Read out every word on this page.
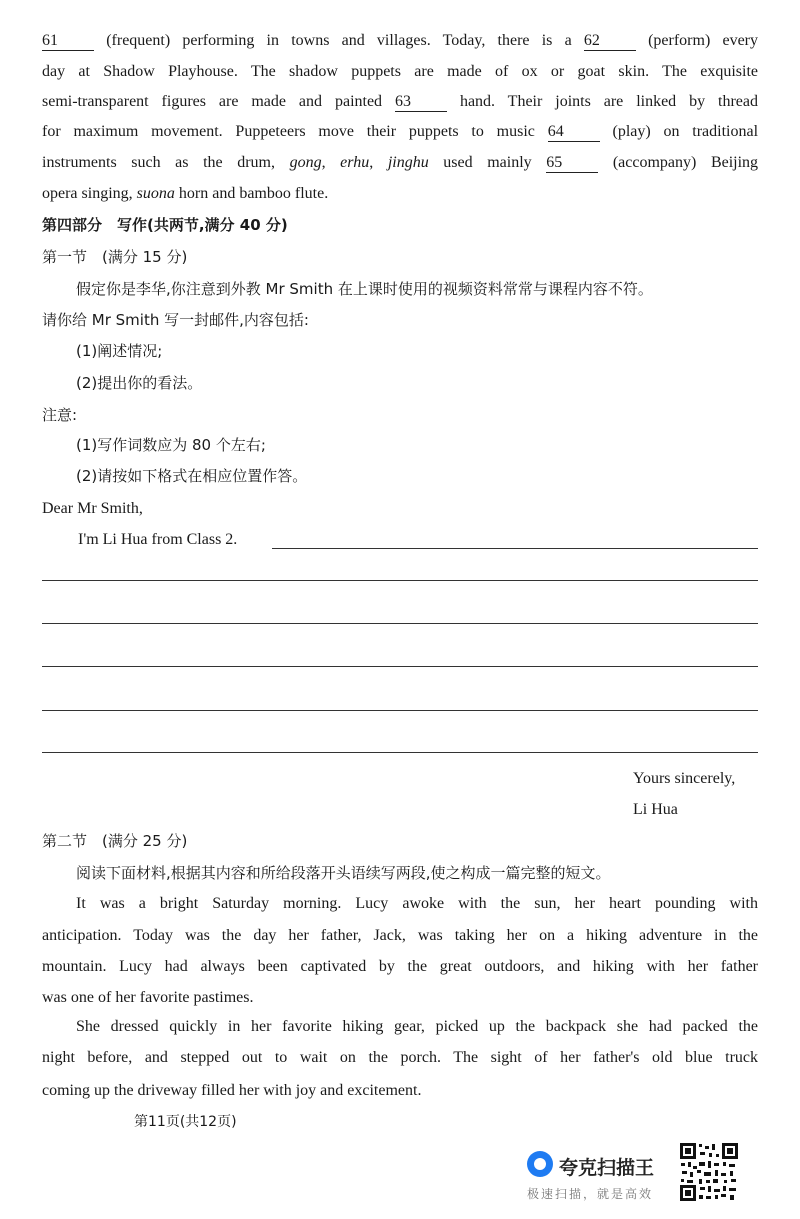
61	(frequent) performing in towns and villages. Today, there is a 62	(perform) every
day at Shadow Playhouse. The shadow puppets are made of ox or goat skin. The exquisite
semi-transparent figures are made and painted 63	hand. Their joints are linked by thread
for maximum movement. Puppeteers move their puppets to music 64	(play) on traditional
instruments such as the drum, gong, erhu, jinghu used mainly 65	(accompany) Beijing
opera singing, suona horn and bamboo flute.
第四部分　写作(共两节,满分 40 分)
第一节　(满分 15 分)
假定你是李华,你注意到外教 Mr Smith 在上课时使用的视频资料常常与课程内容不符。
请你给 Mr Smith 写一封邮件,内容包括:
(1)阐述情况;
(2)提出你的看法。
注意:
(1)写作词数应为 80 个左右;
(2)请按如下格式在相应位置作答。
Dear Mr Smith,
I'm Li Hua from Class 2.
Yours sincerely,
Li Hua
第二节　(满分 25 分)
阅读下面材料,根据其内容和所给段落开头语续写两段,使之构成一篇完整的短文。
It was a bright Saturday morning. Lucy awoke with the sun, her heart pounding with
anticipation. Today was the day her father, Jack, was taking her on a hiking adventure in the
mountain. Lucy had always been captivated by the great outdoors, and hiking with her father
was one of her favorite pastimes.
She dressed quickly in her favorite hiking gear, picked up the backpack she had packed the
night before, and stepped out to wait on the porch. The sight of her father's old blue truck
coming up the driveway filled her with joy and excitement.
第11页(共12页)
夸克扫描王
极速扫描，就是高效
